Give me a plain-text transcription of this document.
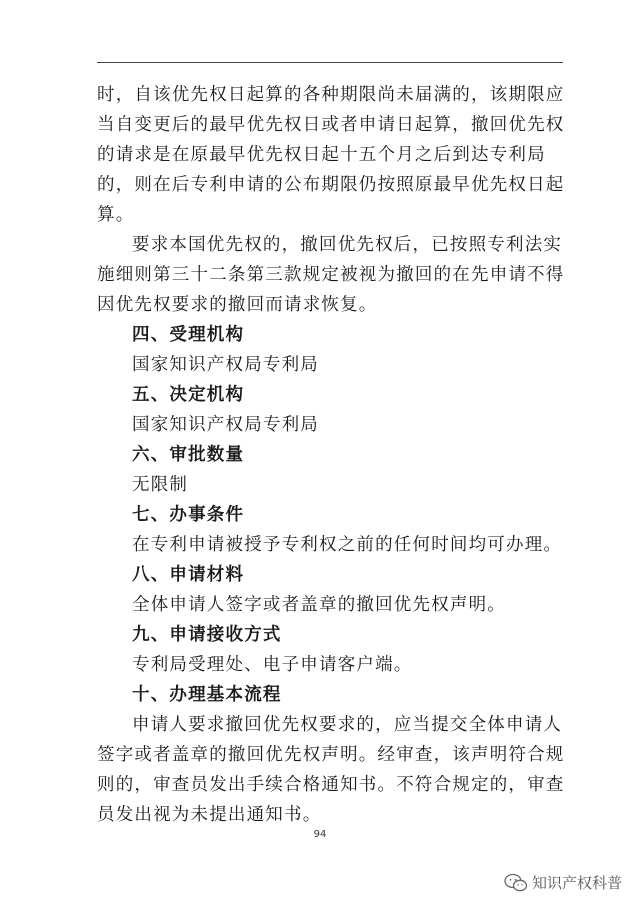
时，自该优先权日起算的各种期限尚未届满的，该期限应当自变更后的最早优先权日或者申请日起算，撤回优先权的请求是在原最早优先权日起十五个月之后到达专利局的，则在后专利申请的公布期限仍按照原最早优先权日起算。

要求本国优先权的，撤回优先权后，已按照专利法实施细则第三十二条第三款规定被视为撤回的在先申请不得因优先权要求的撤回而请求恢复。

四、受理机构

国家知识产权局专利局

五、决定机构

国家知识产权局专利局

六、审批数量

无限制

七、办事条件

在专利申请被授予专利权之前的任何时间均可办理。

八、申请材料

全体申请人签字或者盖章的撤回优先权声明。

九、申请接收方式

专利局受理处、电子申请客户端。

十、办理基本流程

申请人要求撤回优先权要求的，应当提交全体申请人签字或者盖章的撤回优先权声明。经审查，该声明符合规则的，审查员发出手续合格通知书。不符合规定的，审查员发出视为未提出通知书。

94
知识产权科普
